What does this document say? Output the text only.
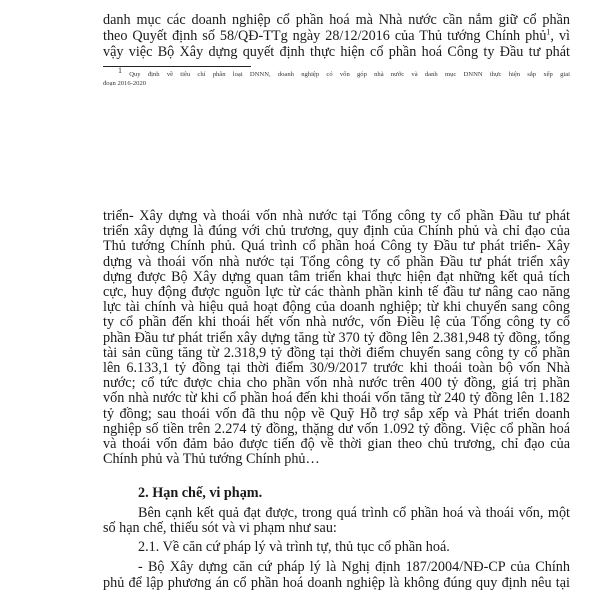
danh mục các doanh nghiệp cổ phần hoá mà Nhà nước cần nắm giữ cổ phần
theo Quyết định số 58/QĐ-TTg ngày 28/12/2016 của Thủ tướng Chính phủ$^1$, vì
vậy việc Bộ Xây dựng quyết định thực hiện cổ phần hoá Công ty Đầu tư phát
$^1$ Quy định về tiêu chí phân loại DNNN, doanh nghiệp có vốn góp nhà nước và danh mục DNNN thực hiện sắp xếp giai
đoạn 2016-2020
triển- Xây dựng và thoái vốn nhà nước tại Tổng công ty cổ phần Đầu tư phát
triển xây dựng là đúng với chủ trương, quy định của Chính phủ và chỉ đạo của
Thủ tướng Chính phủ. Quá trình cổ phần hoá Công ty Đầu tư phát triển- Xây
dựng và thoái vốn nhà nước tại Tổng công ty cổ phần Đầu tư phát triển xây
dựng được Bộ Xây dựng quan tâm triển khai thực hiện đạt những kết quả tích
cực, huy động được nguồn lực từ các thành phần kinh tế đầu tư nâng cao năng
lực tài chính và hiệu quả hoạt động của doanh nghiệp; từ khi chuyển sang công
ty cổ phần đến khi thoái hết vốn nhà nước, vốn Điều lệ của Tổng công ty cổ
phần Đầu tư phát triển xây dựng tăng từ 370 tỷ đồng lên 2.381,948 tỷ đồng, tổng
tài sản cũng tăng từ 2.318,9 tỷ đồng tại thời điểm chuyển sang công ty cổ phần
lên 6.133,1 tỷ đồng tại thời điểm 30/9/2017 trước khi thoái toàn bộ vốn Nhà
nước; cổ tức được chia cho phần vốn nhà nước trên 400 tỷ đồng, giá trị phần
vốn nhà nước từ khi cổ phần hoá đến khi thoái vốn tăng từ 240 tỷ đồng lên 1.182
tỷ đồng; sau thoái vốn đã thu nộp về Quỹ Hỗ trợ sắp xếp và Phát triển doanh
nghiệp số tiền trên 2.274 tỷ đồng, thặng dư vốn 1.092 tỷ đồng. Việc cổ phần hoá
và thoái vốn đảm bảo được tiến độ về thời gian theo chủ trương, chỉ đạo của
Chính phủ và Thủ tướng Chính phủ…
2. Hạn chế, vi phạm.
Bên cạnh kết quả đạt được, trong quá trình cổ phần hoá và thoái vốn, một
số hạn chế, thiếu sót và vi phạm như sau:
2.1. Về căn cứ pháp lý và trình tự, thủ tục cổ phần hoá.
- Bộ Xây dựng căn cứ pháp lý là Nghị định 187/2004/NĐ-CP của Chính
phủ để lập phương án cổ phần hoá doanh nghiệp là không đúng quy định nêu tại
